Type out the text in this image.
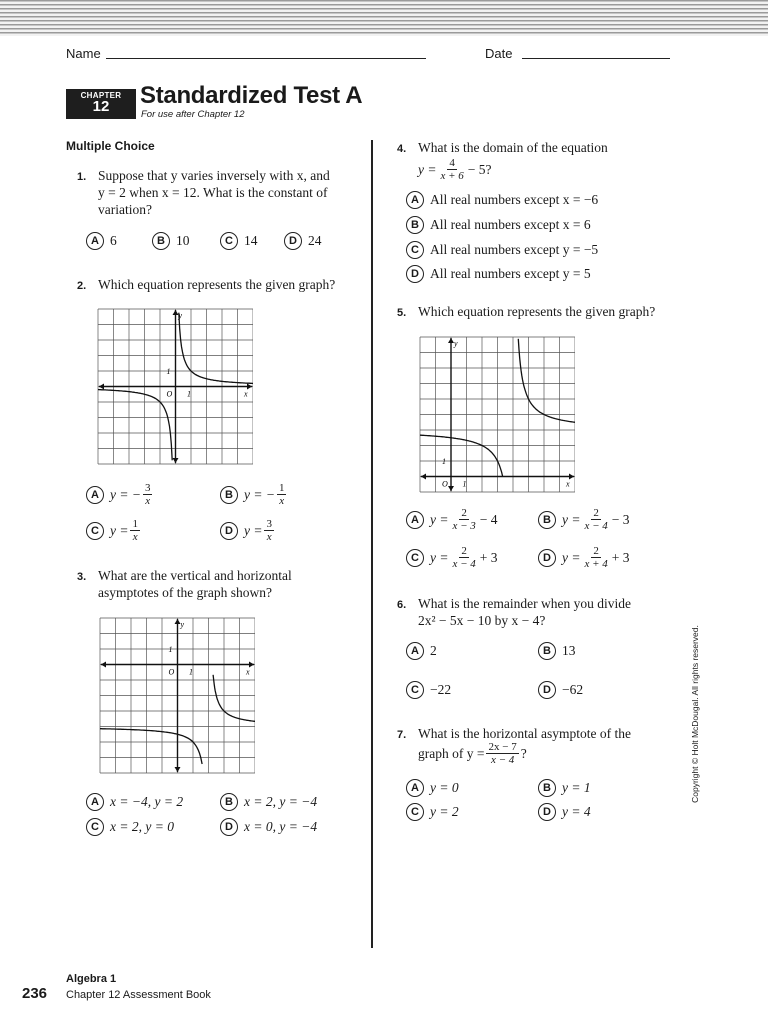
Name	Date
CHAPTER
12	Standardized Test A
For use after Chapter 12
Multiple Choice
1. Suppose that y varies inversely with x, and
y = 2 when x = 12. What is the constant of
variation?
A 6	B 10	C 14	D 24
2. Which equation represents the given graph?
x
y
1
1
O
A y = − $\frac{3}{x}$	B y = − $\frac{1}{x}$
C $y = \frac{1}{x}$	D $y = \frac{3}{x}$
3. What are the vertical and horizontal
asymptotes of the graph shown?
x
y
1
1
O
A x = −4, y = 2	B x = 2, y = −4
C x = 2, y = 0	D x = 0, y = −4
4. What is the domain of the equation
$y = \frac{4}{x + 6} - 5$?
A All real numbers except x = −6
B All real numbers except x = 6
C All real numbers except y = −5
D All real numbers except y = 5
5. Which equation represents the given graph?
x
y
1
1
O
A $y = \frac{2}{x - 3} - 4$	B $y = \frac{2}{x - 4} - 3$
C $y = \frac{2}{x - 4} + 3$	D $y = \frac{2}{x + 4} + 3$
6. What is the remainder when you divide
2x² − 5x − 10 by x − 4?
A 2	B 13
C −22	D −62
7. What is the horizontal asymptote of the
graph of $y = \frac{2x - 7}{x - 4}$ ?
A y = 0	B y = 1
C y = 2	D y = 4
Copyright © Holt McDougal. All rights reserved.
236
Algebra 1
Chapter 12 Assessment Book
